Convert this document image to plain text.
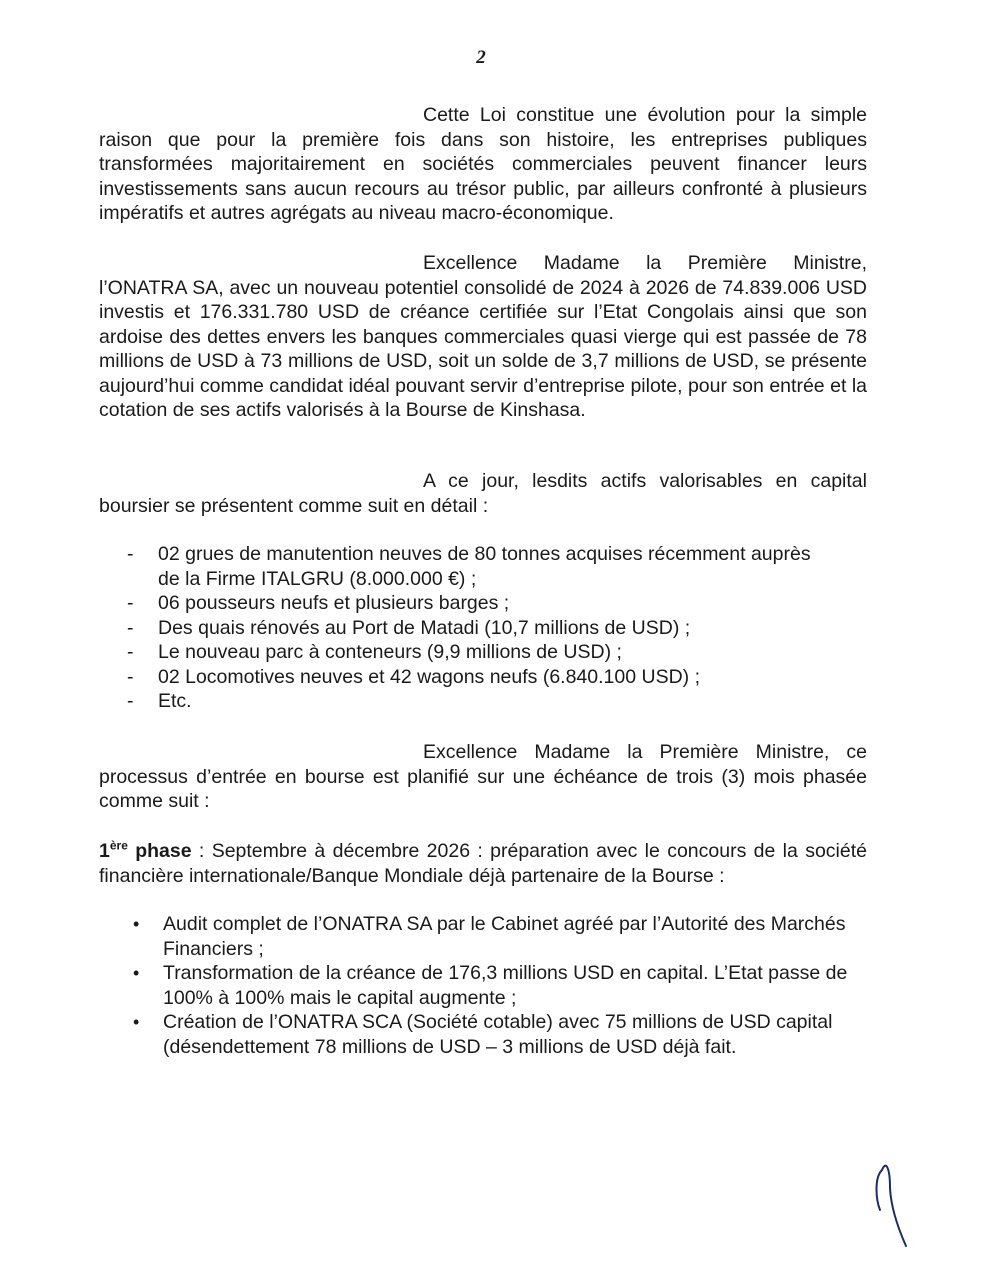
2

Cette Loi constitue une évolution pour la simple raison que pour la première fois dans son histoire, les entreprises publiques transformées majoritairement en sociétés commerciales peuvent financer leurs investissements sans aucun recours au trésor public, par ailleurs confronté à plusieurs impératifs et autres agrégats au niveau macro-économique.

Excellence Madame la Première Ministre, l’ONATRA SA, avec un nouveau potentiel consolidé de 2024 à 2026 de 74.839.006 USD investis et 176.331.780 USD de créance certifiée sur l’Etat Congolais ainsi que son ardoise des dettes envers les banques commerciales quasi vierge qui est passée de 78 millions de USD à 73 millions de USD, soit un solde de 3,7 millions de USD, se présente aujourd’hui comme candidat idéal pouvant servir d’entreprise pilote, pour son entrée et la cotation de ses actifs valorisés à la Bourse de Kinshasa.

A ce jour, lesdits actifs valorisables en capital boursier se présentent comme suit en détail :

- 02 grues de manutention neuves de 80 tonnes acquises récemment auprès de la Firme ITALGRU (8.000.000 €) ;
- 06 pousseurs neufs et plusieurs barges ;
- Des quais rénovés au Port de Matadi (10,7 millions de USD) ;
- Le nouveau parc à conteneurs (9,9 millions de USD) ;
- 02 Locomotives neuves et 42 wagons neufs (6.840.100 USD) ;
- Etc.

Excellence Madame la Première Ministre, ce processus d’entrée en bourse est planifié sur une échéance de trois (3) mois phasée comme suit :

1ère phase : Septembre à décembre 2026 : préparation avec le concours de la société financière internationale/Banque Mondiale déjà partenaire de la Bourse :

• Audit complet de l’ONATRA SA par le Cabinet agréé par l’Autorité des Marchés Financiers ;
• Transformation de la créance de 176,3 millions USD en capital. L’Etat passe de 100% à 100% mais le capital augmente ;
• Création de l’ONATRA SCA (Société cotable) avec 75 millions de USD capital (désendettement 78 millions de USD – 3 millions de USD déjà fait.
